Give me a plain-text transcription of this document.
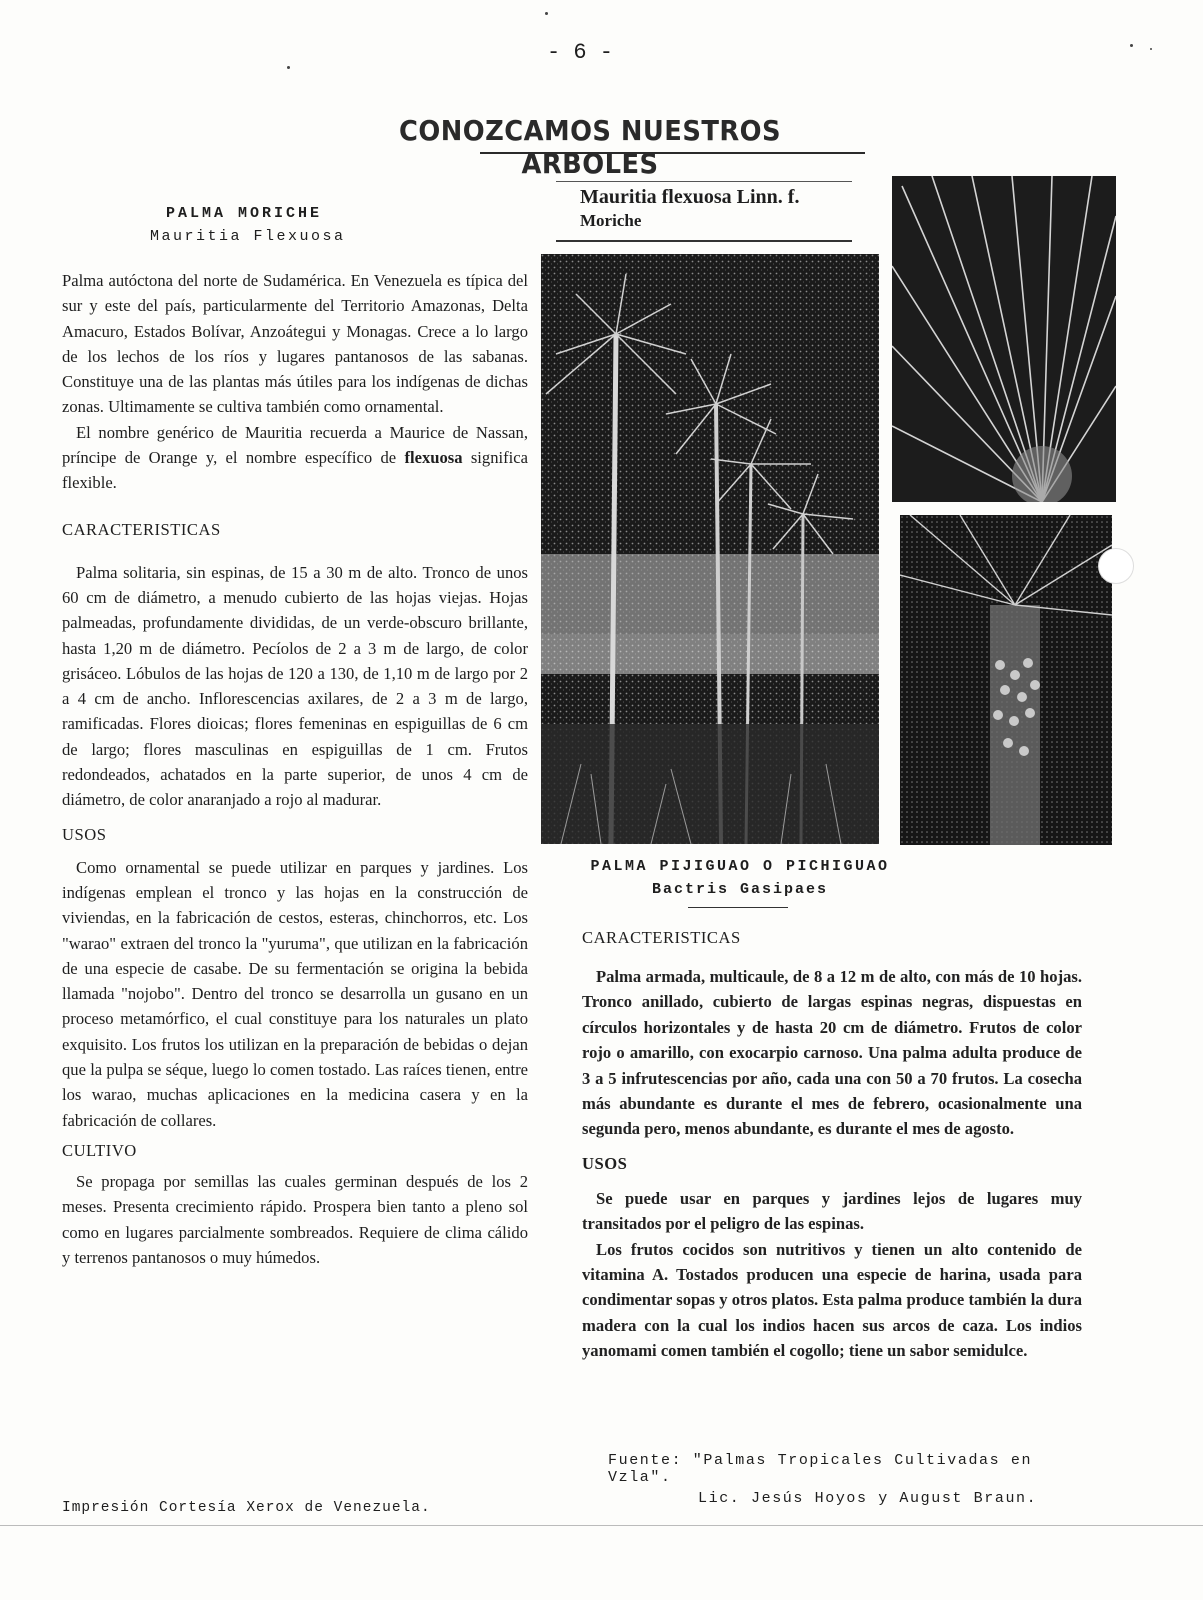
- 6 -
CONOZCAMOS NUESTROS ARBOLES
PALMA MORICHE
Mauritia Flexuosa

Palma autóctona del norte de Sudamérica. En Venezuela es típica del sur y este del país, particularmente del Territorio Amazonas, Delta Amacuro, Estados Bolívar, Anzoátegui y Monagas. Crece a lo largo de los lechos de los ríos y lugares pantanosos de las sabanas. Constituye una de las plantas más útiles para los indígenas de dichas zonas. Ultimamente se cultiva también como ornamental.

El nombre genérico de Mauritia recuerda a Maurice de Nassan, príncipe de Orange y, el nombre específico de flexuosa significa flexible.

CARACTERISTICAS

Palma solitaria, sin espinas, de 15 a 30 m de alto. Tronco de unos 60 cm de diámetro, a menudo cubierto de las hojas viejas. Hojas palmeadas, profundamente divididas, de un verde-obscuro brillante, hasta 1,20 m de diámetro. Pecíolos de 2 a 3 m de largo, de color grisáceo. Lóbulos de las hojas de 120 a 130, de 1,10 m de largo por 2 a 4 cm de ancho. Inflorescencias axilares, de 2 a 3 m de largo, ramificadas. Flores dioicas; flores femeninas en espiguillas de 6 cm de largo; flores masculinas en espiguillas de 1 cm. Frutos redondeados, achatados en la parte superior, de unos 4 cm de diámetro, de color anaranjado a rojo al madurar.

USOS

Como ornamental se puede utilizar en parques y jardines. Los indígenas emplean el tronco y las hojas en la construcción de viviendas, en la fabricación de cestos, esteras, chinchorros, etc. Los "warao" extraen del tronco la "yuruma", que utilizan en la fabricación de una especie de casabe. De su fermentación se origina la bebida llamada "nojobo". Dentro del tronco se desarrolla un gusano en un proceso metamórfico, el cual constituye para los naturales un plato exquisito. Los frutos los utilizan en la preparación de bebidas o dejan que la pulpa se séque, luego lo comen tostado. Las raíces tienen, entre los warao, muchas aplicaciones en la medicina casera y en la fabricación de collares.

CULTIVO

Se propaga por semillas las cuales germinan después de los 2 meses. Presenta crecimiento rápido. Prospera bien tanto a pleno sol como en lugares parcialmente sombreados. Requiere de clima cálido y terrenos pantanosos o muy húmedos.

Mauritia flexuosa Linn. f.
Moriche
PALMA PIJIGUAO O PICHIGUAO
Bactris Gasipaes
CARACTERISTICAS

Palma armada, multicaule, de 8 a 12 m de alto, con más de 10 hojas. Tronco anillado, cubierto de largas espinas negras, dispuestas en círculos horizontales y de hasta 20 cm de diámetro. Frutos de color rojo o amarillo, con exocarpio carnoso. Una palma adulta produce de 3 a 5 infrutescencias por año, cada una con 50 a 70 frutos. La cosecha más abundante es durante el mes de febrero, ocasionalmente una segunda pero, menos abundante, es durante el mes de agosto.

USOS

Se puede usar en parques y jardines lejos de lugares muy transitados por el peligro de las espinas.

Los frutos cocidos son nutritivos y tienen un alto contenido de vitamina A. Tostados producen una especie de harina, usada para condimentar sopas y otros platos. Esta palma produce también la dura madera con la cual los indios hacen sus arcos de caza. Los indios yanomami comen también el cogollo; tiene un sabor semidulce.

Fuente: "Palmas Tropicales Cultivadas en Vzla".
Lic. Jesús Hoyos y August Braun.
Impresión Cortesía Xerox de Venezuela.
